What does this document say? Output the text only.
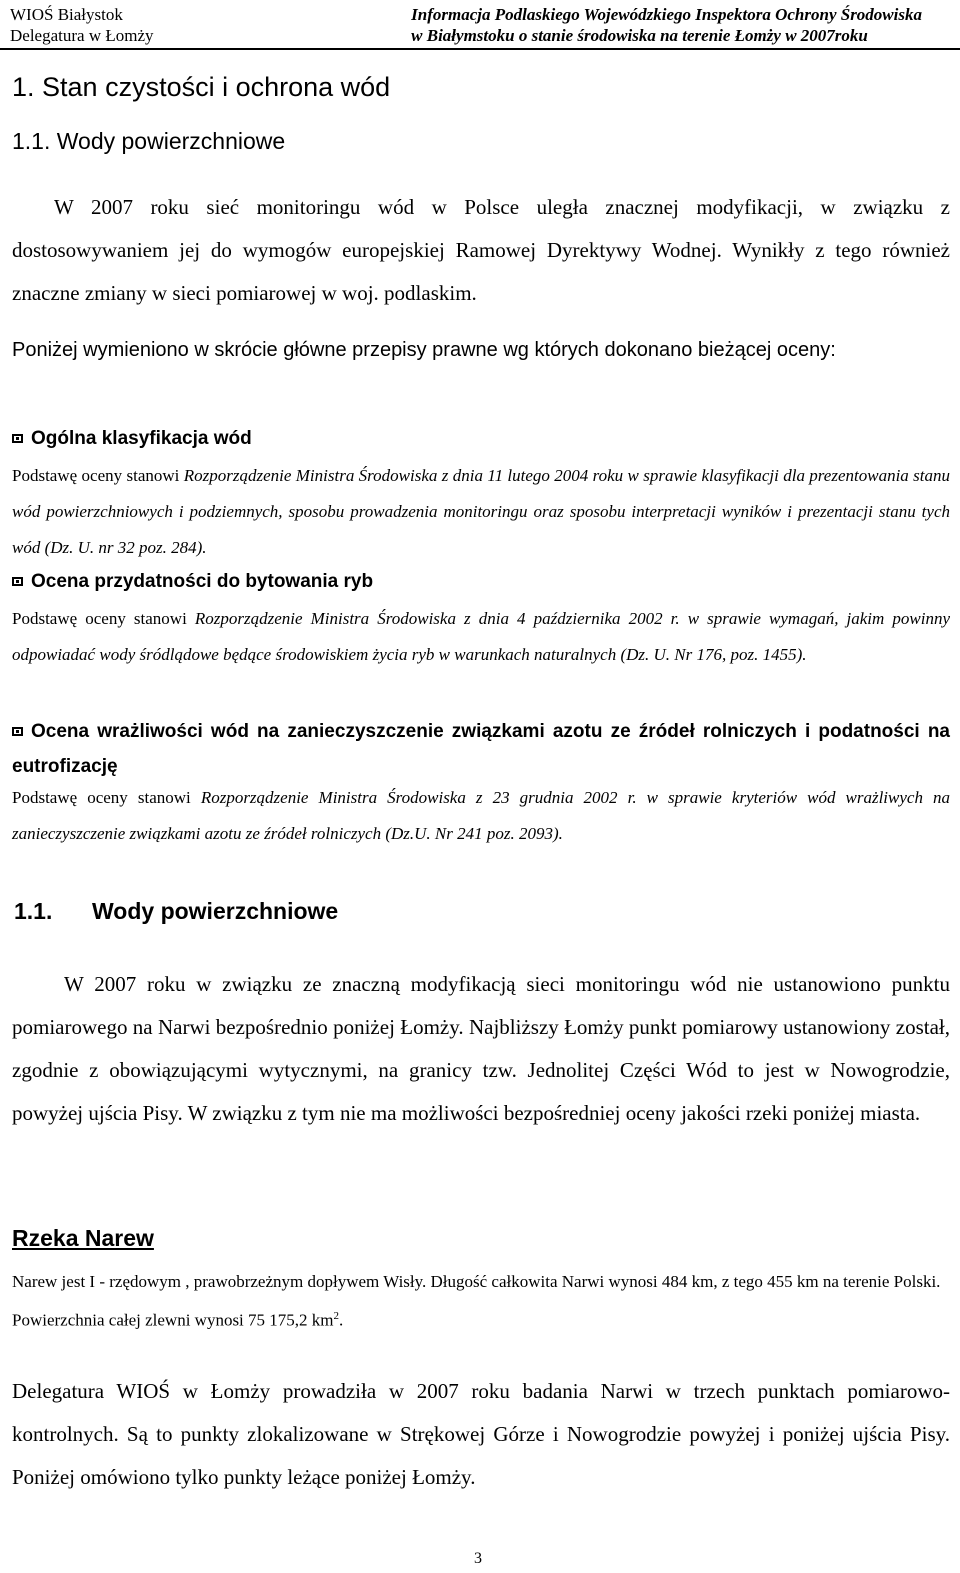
WIOŚ Białystok
Delegatura w Łomży
Informacja Podlaskiego Wojewódzkiego Inspektora Ochrony Środowiska
w Białymstoku o stanie środowiska na terenie Łomży w 2007roku
1. Stan czystości i ochrona wód
1.1. Wody powierzchniowe
W 2007 roku sieć monitoringu wód w Polsce uległa znacznej modyfikacji, w związku z dostosowywaniem jej do wymogów europejskiej Ramowej Dyrektywy Wodnej. Wynikły z tego również znaczne zmiany w sieci pomiarowej w woj. podlaskim.
Poniżej wymieniono w skrócie główne przepisy prawne wg których dokonano bieżącej oceny:
Ogólna klasyfikacja wód
Podstawę oceny stanowi Rozporządzenie Ministra Środowiska z dnia 11 lutego 2004 roku w sprawie klasyfikacji dla prezentowania stanu wód powierzchniowych i podziemnych, sposobu prowadzenia monitoringu oraz sposobu interpretacji wyników i prezentacji stanu tych wód (Dz. U. nr 32 poz. 284).
Ocena przydatności do bytowania ryb
Podstawę oceny stanowi Rozporządzenie Ministra Środowiska z dnia 4 października 2002 r. w sprawie wymagań, jakim powinny odpowiadać wody śródlądowe będące środowiskiem życia ryb w warunkach naturalnych (Dz. U. Nr 176, poz. 1455).
Ocena wrażliwości wód na zanieczyszczenie związkami azotu ze źródeł rolniczych i podatności na eutrofizację
Podstawę oceny stanowi Rozporządzenie Ministra Środowiska z 23 grudnia 2002 r. w sprawie kryteriów wód wrażliwych na zanieczyszczenie związkami azotu ze źródeł rolniczych (Dz.U. Nr 241 poz. 2093).
1.1. Wody powierzchniowe
W 2007 roku w związku ze znaczną modyfikacją sieci monitoringu wód nie ustanowiono punktu pomiarowego na Narwi bezpośrednio poniżej Łomży. Najbliższy Łomży punkt pomiarowy ustanowiony został, zgodnie z obowiązującymi wytycznymi, na granicy tzw. Jednolitej Części Wód to jest w Nowogrodzie, powyżej ujścia Pisy. W związku z tym nie ma możliwości bezpośredniej oceny jakości rzeki poniżej miasta.
Rzeka Narew
Narew jest I - rzędowym , prawobrzeżnym dopływem Wisły. Długość całkowita Narwi wynosi 484 km, z tego 455 km na terenie Polski. Powierzchnia całej zlewni wynosi 75 175,2 $km^2$.
Delegatura WIOŚ w Łomży prowadziła w 2007 roku badania Narwi w trzech punktach pomiarowo-kontrolnych. Są to punkty zlokalizowane w Strękowej Górze i Nowogrodzie powyżej i poniżej ujścia Pisy. Poniżej omówiono tylko punkty leżące poniżej Łomży.
3
